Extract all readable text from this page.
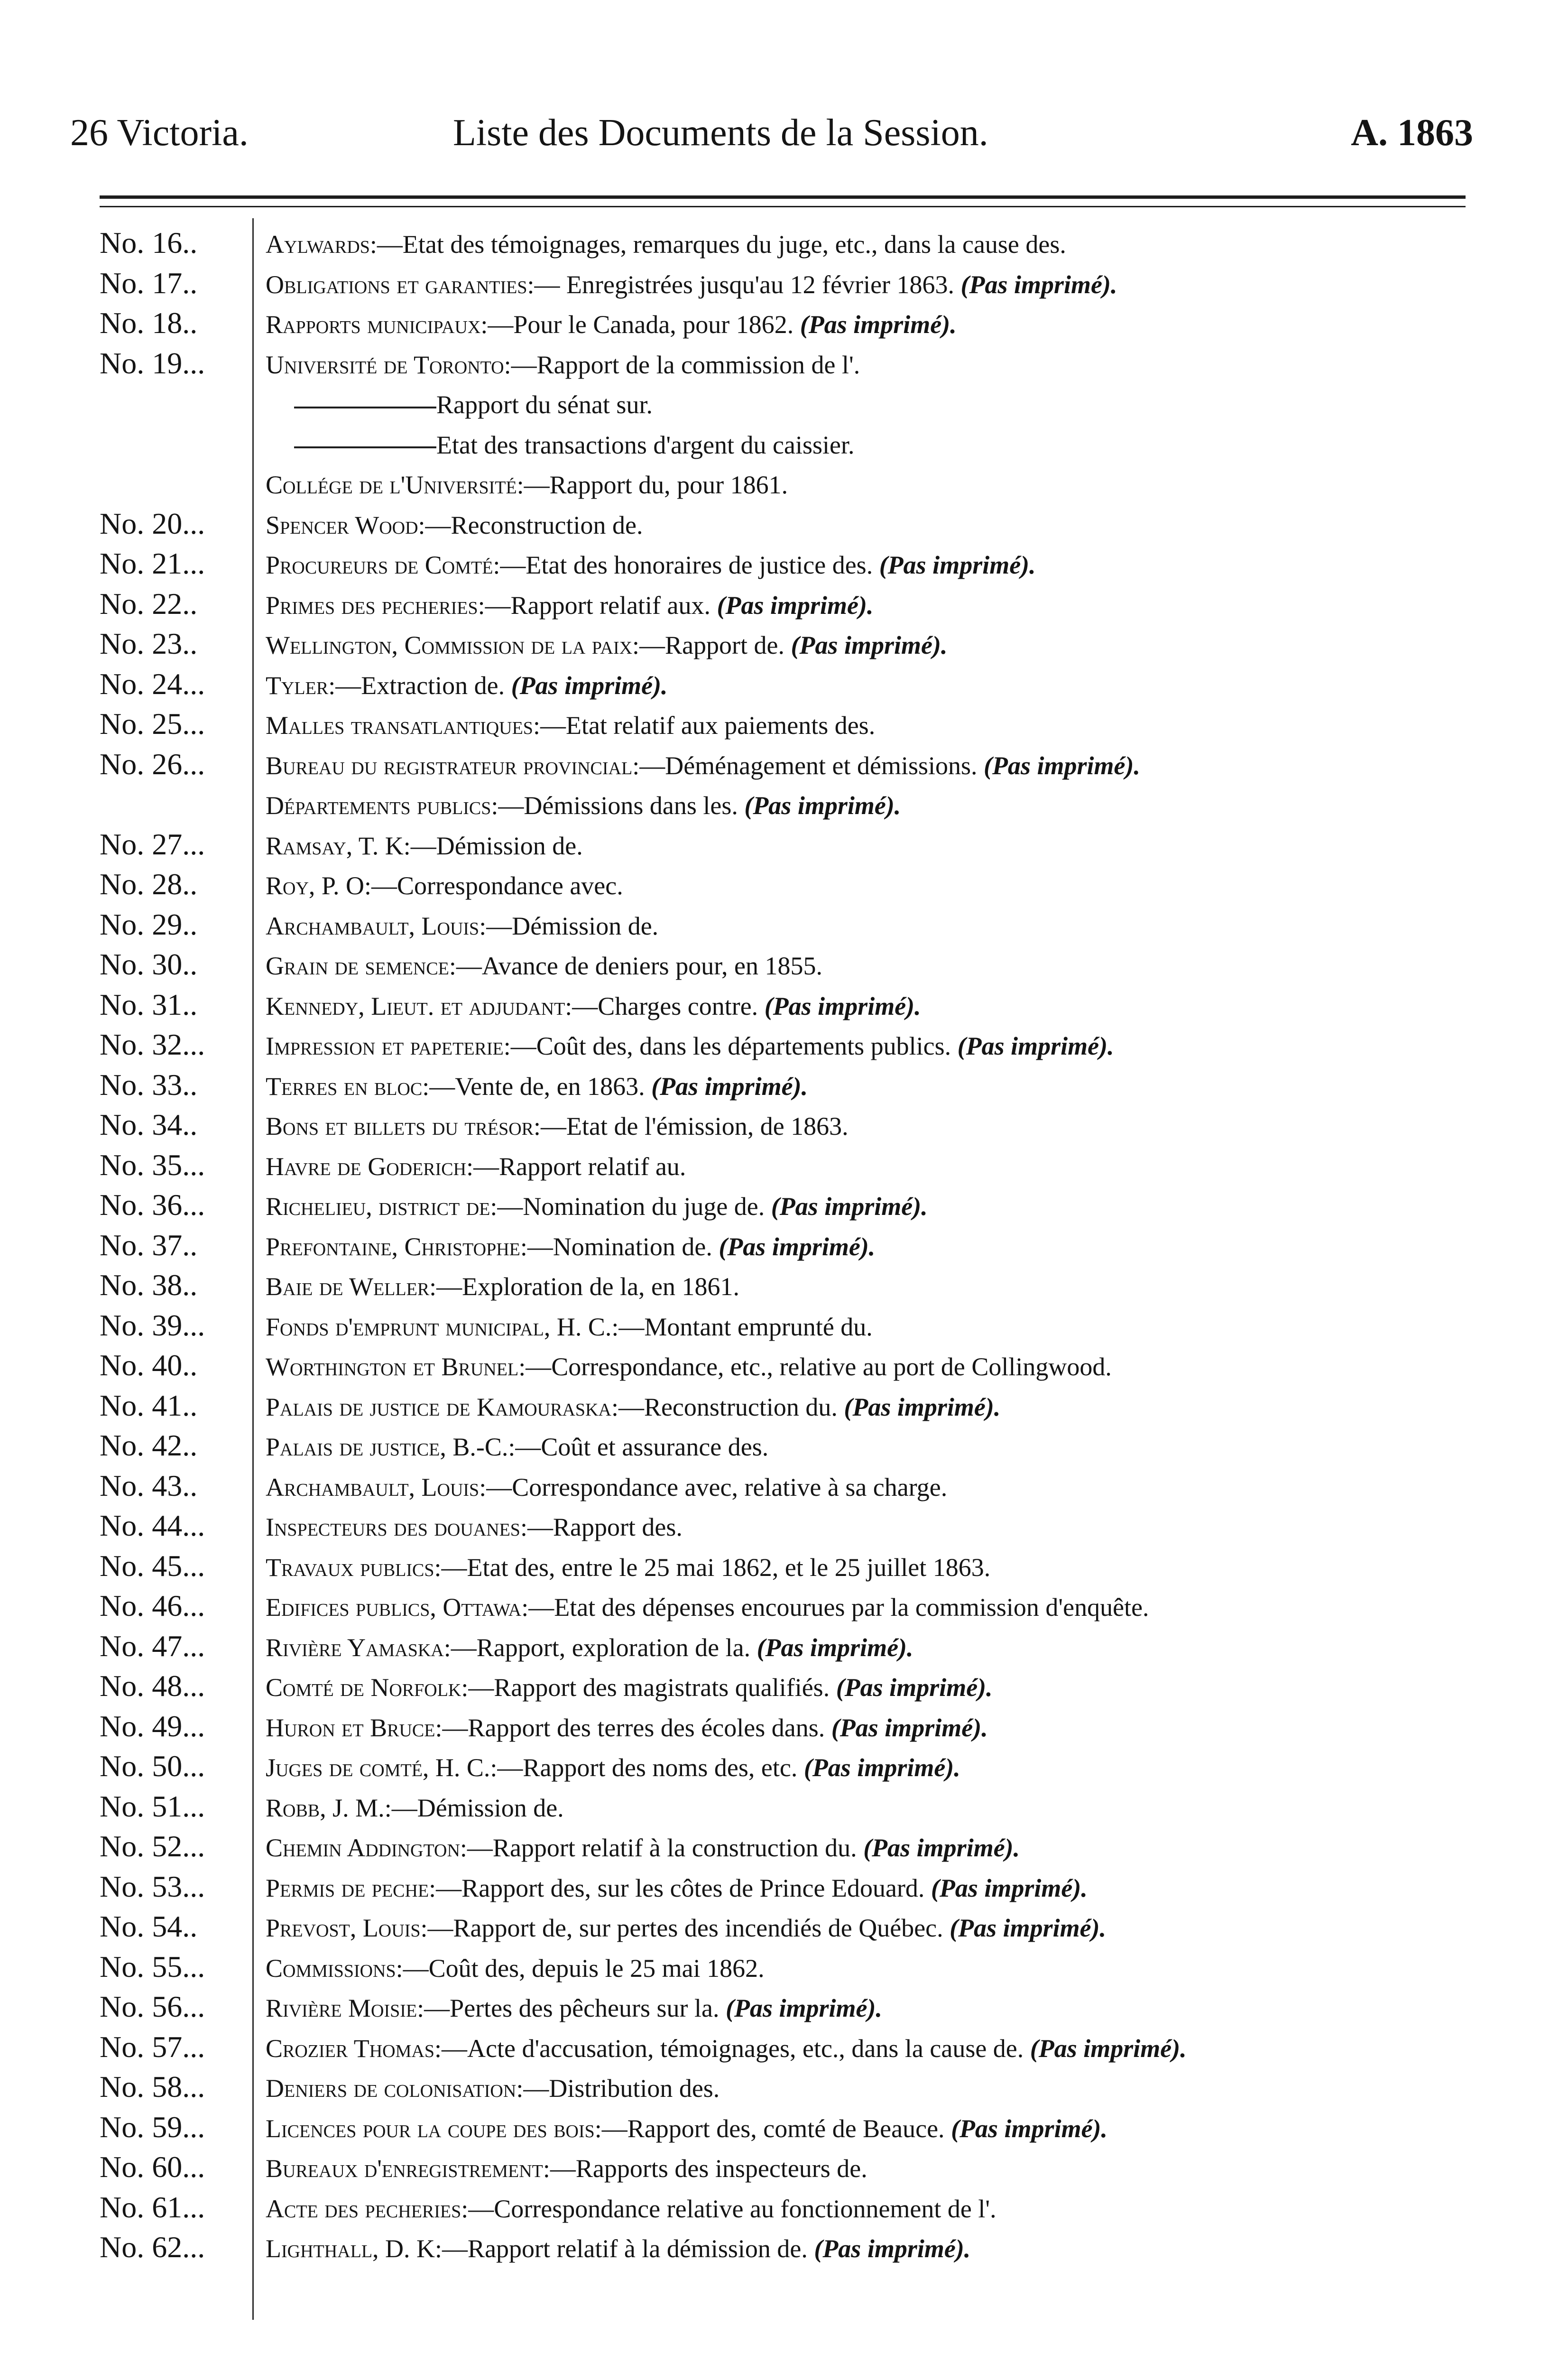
26 Victoria.	Liste des Documents de la Session.	A. 1863
No. 16..	Aylwards:—Etat des témoignages, remarques du juge, etc., dans la cause des.
No. 17..	Obligations et garanties:— Enregistrées jusqu'au 12 février 1863. (Pas imprimé).
No. 18..	Rapports municipaux:—Pour le Canada, pour 1862. (Pas imprimé).
No. 19...	Université de Toronto:—Rapport de la commission de l'.
Rapport du sénat sur.
Etat des transactions d'argent du caissier.
Collége de l'Université:—Rapport du, pour 1861.
No. 20...	Spencer Wood:—Reconstruction de.
No. 21...	Procureurs de Comté:—Etat des honoraires de justice des. (Pas imprimé).
No. 22..	Primes des pecheries:—Rapport relatif aux. (Pas imprimé).
No. 23..	Wellington, Commission de la paix:—Rapport de. (Pas imprimé).
No. 24...	Tyler:—Extraction de. (Pas imprimé).
No. 25...	Malles transatlantiques:—Etat relatif aux paiements des.
No. 26...	Bureau du registrateur provincial:—Déménagement et démissions. (Pas imprimé).
Départements publics:—Démissions dans les. (Pas imprimé).
No. 27...	Ramsay, T. K:—Démission de.
No. 28..	Roy, P. O:—Correspondance avec.
No. 29..	Archambault, Louis:—Démission de.
No. 30..	Grain de semence:—Avance de deniers pour, en 1855.
No. 31..	Kennedy, Lieut. et adjudant:—Charges contre. (Pas imprimé).
No. 32...	Impression et papeterie:—Coût des, dans les départements publics. (Pas imprimé).
No. 33..	Terres en bloc:—Vente de, en 1863. (Pas imprimé).
No. 34..	Bons et billets du trésor:—Etat de l'émission, de 1863.
No. 35...	Havre de Goderich:—Rapport relatif au.
No. 36...	Richelieu, district de:—Nomination du juge de. (Pas imprimé).
No. 37..	Prefontaine, Christophe:—Nomination de. (Pas imprimé).
No. 38..	Baie de Weller:—Exploration de la, en 1861.
No. 39...	Fonds d'emprunt municipal, H. C.:—Montant emprunté du.
No. 40..	Worthington et Brunel:—Correspondance, etc., relative au port de Collingwood.
No. 41..	Palais de justice de Kamouraska:—Reconstruction du. (Pas imprimé).
No. 42..	Palais de justice, B.-C.:—Coût et assurance des.
No. 43..	Archambault, Louis:—Correspondance avec, relative à sa charge.
No. 44...	Inspecteurs des douanes:—Rapport des.
No. 45...	Travaux publics:—Etat des, entre le 25 mai 1862, et le 25 juillet 1863.
No. 46...	Edifices publics, Ottawa:—Etat des dépenses encourues par la commission d'enquête.
No. 47...	Rivière Yamaska:—Rapport, exploration de la. (Pas imprimé).
No. 48...	Comté de Norfolk:—Rapport des magistrats qualifiés. (Pas imprimé).
No. 49...	Huron et Bruce:—Rapport des terres des écoles dans. (Pas imprimé).
No. 50...	Juges de comté, H. C.:—Rapport des noms des, etc. (Pas imprimé).
No. 51...	Robb, J. M.:—Démission de.
No. 52...	Chemin Addington:—Rapport relatif à la construction du. (Pas imprimé).
No. 53...	Permis de peche:—Rapport des, sur les côtes de Prince Edouard. (Pas imprimé).
No. 54..	Prevost, Louis:—Rapport de, sur pertes des incendiés de Québec. (Pas imprimé).
No. 55...	Commissions:—Coût des, depuis le 25 mai 1862.
No. 56...	Rivière Moisie:—Pertes des pêcheurs sur la. (Pas imprimé).
No. 57...	Crozier Thomas:—Acte d'accusation, témoignages, etc., dans la cause de. (Pas imprimé).
No. 58...	Deniers de colonisation:—Distribution des.
No. 59...	Licences pour la coupe des bois:—Rapport des, comté de Beauce. (Pas imprimé).
No. 60...	Bureaux d'enregistrement:—Rapports des inspecteurs de.
No. 61...	Acte des pecheries:—Correspondance relative au fonctionnement de l'.
No. 62...	Lighthall, D. K:—Rapport relatif à la démission de. (Pas imprimé).
